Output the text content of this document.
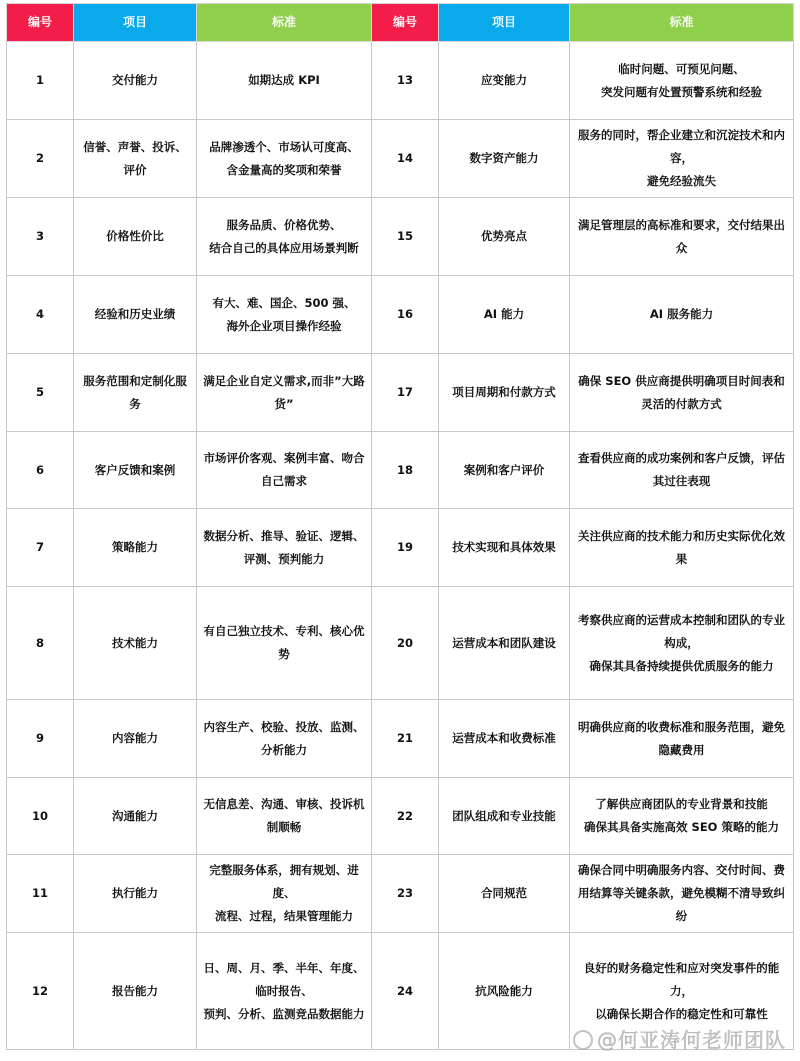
编号	项目	标准	编号	项目	标准
1	交付能力	如期达成 KPI	13	应变能力	临时问题、可预见问题、
突发问题有处置预警系统和经验

2	信誉、声誉、投诉、评价	品牌渗透个、市场认可度高、
含金量高的奖项和荣誉	14	数字资产能力	服务的同时，帮企业建立和沉淀技术和内容，
避免经验流失

3	价格性价比	服务品质、价格优势、
结合自己的具体应用场景判断	15	优势亮点	满足管理层的高标准和要求，交付结果出众

4	经验和历史业绩	有大、难、国企、500 强、
海外企业项目操作经验	16	AI 能力	AI 服务能力

5	服务范围和定制化服务	满足企业自定义需求,而非”大路货”	17	项目周期和付款方式	确保 SEO 供应商提供明确项目时间表和灵活的付款方式

6	客户反馈和案例	市场评价客观、案例丰富、吻合自己需求	18	案例和客户评价	查看供应商的成功案例和客户反馈，评估其过往表现

7	策略能力	数据分析、推导、验证、逻辑、评测、预判能力	19	技术实现和具体效果	关注供应商的技术能力和历史实际优化效果

8	技术能力	有自己独立技术、专利、核心优势	20	运营成本和团队建设	考察供应商的运营成本控制和团队的专业构成，
确保其具备持续提供优质服务的能力

9	内容能力	内容生产、校验、投放、监测、分析能力	21	运营成本和收费标准	明确供应商的收费标准和服务范围，避免隐藏费用

10	沟通能力	无信息差、沟通、审核、投诉机制顺畅	22	团队组成和专业技能	了解供应商团队的专业背景和技能
确保其具备实施高效 SEO 策略的能力

11	执行能力	完整服务体系，拥有规划、进度、
流程、过程，结果管理能力	23	合同规范	确保合同中明确服务内容、交付时间、费用结算等关键条款，避免模糊不清导致纠纷

12	报告能力	日、周、月、季、半年、年度、临时报告、
预判、分析、监测竞品数据能力	24	抗风险能力	良好的财务稳定性和应对突发事件的能力，
以确保长期合作的稳定性和可靠性
@何亚涛何老师团队
